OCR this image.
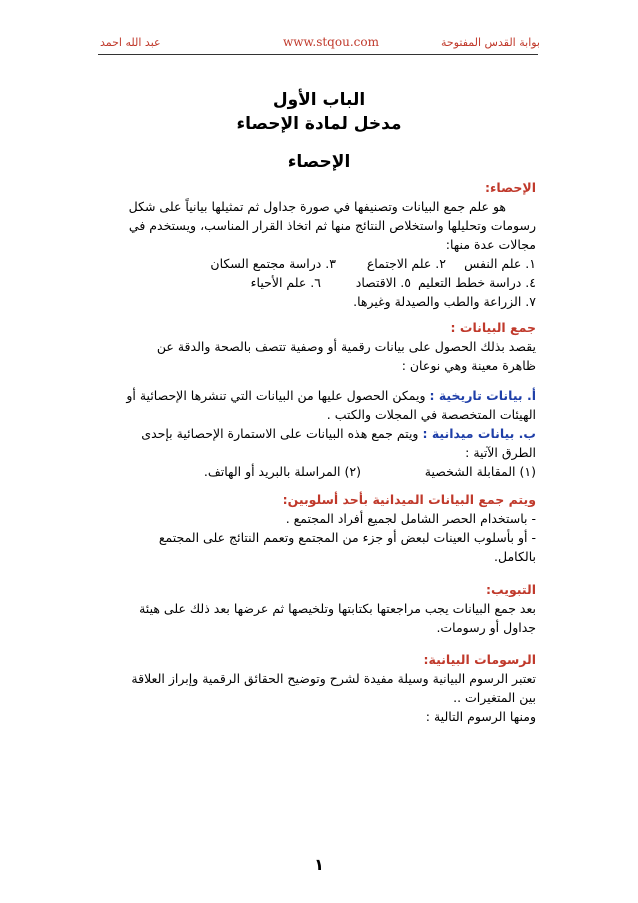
بوابة القدس المفتوحة
www.stqou.com
عبد الله احمد
الباب الأول
مدخل لمادة الإحصاء
الإحصاء
الإحصاء:
هو علم جمع البيانات وتصنيفها في صورة جداول ثم تمثيلها بيانياً على شكل
رسومات وتحليلها واستخلاص النتائج منها ثم اتخاذ القرار المناسب، ويستخدم في
مجالات عدة منها:
١. علم النفس
٢. علم الاجتماع
٣. دراسة مجتمع السكان
٤. دراسة خطط التعليم
٥. الاقتصاد
٦. علم الأحياء
٧. الزراعة والطب والصيدلة وغيرها.
جمع البيانات :
يقصد بذلك الحصول على بيانات رقمية أو وصفية تتصف بالصحة والدقة عن
ظاهرة معينة وهي نوعان :
أ. بيانات تاريخية : ويمكن الحصول عليها من البيانات التي تنشرها الإحصائية أو
الهيئات المتخصصة في المجلات والكتب .
ب. بيانات ميدانية : ويتم جمع هذه البيانات على الاستمارة الإحصائية بإحدى
الطرق الآتية :
(١) المقابلة الشخصية
(٢) المراسلة بالبريد أو الهاتف.
ويتم جمع البيانات الميدانية بأحد أسلوبين:
- باستخدام الحصر الشامل لجميع أفراد المجتمع .
- أو بأسلوب العينات لبعض أو جزء من المجتمع وتعمم النتائج على المجتمع
بالكامل.
التبويب:
بعد جمع البيانات يجب مراجعتها بكتابتها وتلخيصها ثم عرضها بعد ذلك على هيئة
جداول أو رسومات.
الرسومات البيانية:
تعتبر الرسوم البيانية وسيلة مفيدة لشرح وتوضيح الحقائق الرقمية وإبراز العلاقة
بين المتغيرات ..
ومنها الرسوم التالية :
١
